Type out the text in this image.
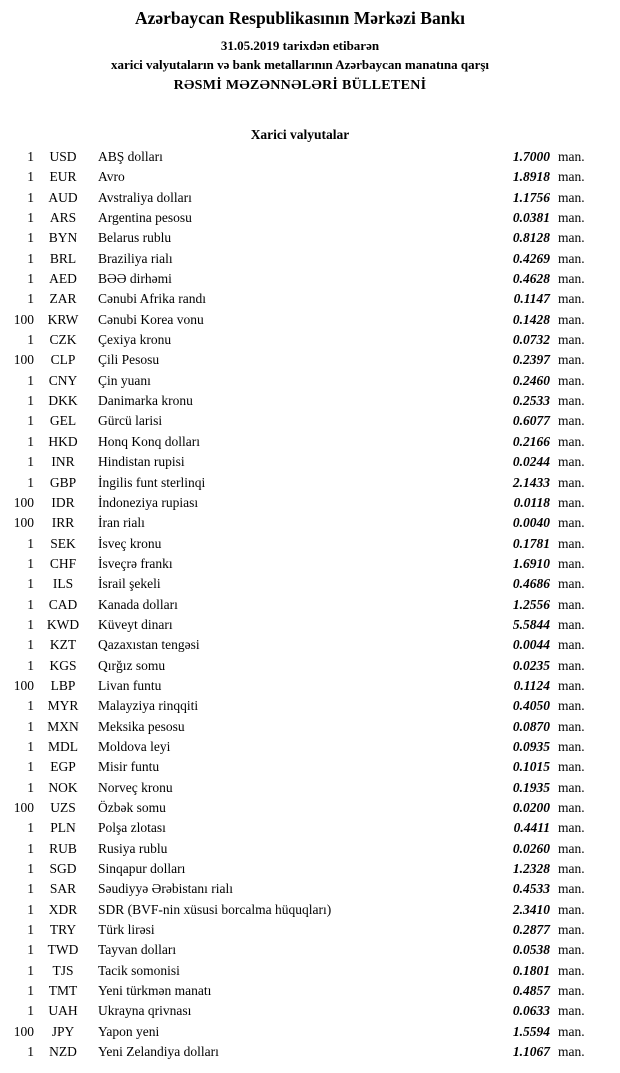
Azərbaycan Respublikasının Mərkəzi Bankı
31.05.2019 tarixdən etibarən
xarici valyutaların və bank metallarının Azərbaycan manatına qarşı
RƏSMİ MƏZƏNNƏLƏRİ BÜLLETENİ
Xarici valyutalar
1	USD	ABŞ dolları	1.7000 man.
1	EUR	Avro	1.8918 man.
1	AUD	Avstraliya dolları	1.1756 man.
1	ARS	Argentina pesosu	0.0381 man.
1	BYN	Belarus rublu	0.8128 man.
1	BRL	Braziliya rialı	0.4269 man.
1	AED	BƏƏ dirhəmi	0.4628 man.
1	ZAR	Cənubi Afrika randı	0.1147 man.
100	KRW	Cənubi Korea vonu	0.1428 man.
1	CZK	Çexiya kronu	0.0732 man.
100	CLP	Çili Pesosu	0.2397 man.
1	CNY	Çin yuanı	0.2460 man.
1	DKK	Danimarka kronu	0.2533 man.
1	GEL	Gürcü larisi	0.6077 man.
1	HKD	Honq Konq dolları	0.2166 man.
1	INR	Hindistan rupisi	0.0244 man.
1	GBP	İngilis funt sterlinqi	2.1433 man.
100	IDR	İndoneziya rupiası	0.0118 man.
100	IRR	İran rialı	0.0040 man.
1	SEK	İsveç kronu	0.1781 man.
1	CHF	İsveçrə frankı	1.6910 man.
1	ILS	İsrail şekeli	0.4686 man.
1	CAD	Kanada dolları	1.2556 man.
1 KWD	Küveyt dinarı	5.5844 man.
1	KZT	Qazaxıstan tengəsi	0.0044 man.
1	KGS	Qırğız somu	0.0235 man.
100	LBP	Livan funtu	0.1124 man.
1	MYR	Malayziya rinqqiti	0.4050 man.
1 MXN	Meksika pesosu	0.0870 man.
1	MDL	Moldova leyi	0.0935 man.
1	EGP	Misir funtu	0.1015 man.
1	NOK	Norveç kronu	0.1935 man.
100	UZS	Özbək somu	0.0200 man.
1	PLN	Polşa zlotası	0.4411 man.
1	RUB	Rusiya rublu	0.0260 man.
1	SGD	Sinqapur dolları	1.2328 man.
1	SAR	Səudiyyə Ərəbistanı rialı	0.4533 man.
1	XDR	SDR (BVF-nin xüsusi borcalma hüquqları)	2.3410 man.
1	TRY	Türk lirəsi	0.2877 man.
1	TWD	Tayvan dolları	0.0538 man.
1	TJS	Tacik somonisi	0.1801 man.
1	TMT	Yeni türkmən manatı	0.4857 man.
1	UAH	Ukrayna qrivnası	0.0633 man.
100	JPY	Yapon yeni	1.5594 man.
1	NZD	Yeni Zelandiya dolları	1.1067 man.
